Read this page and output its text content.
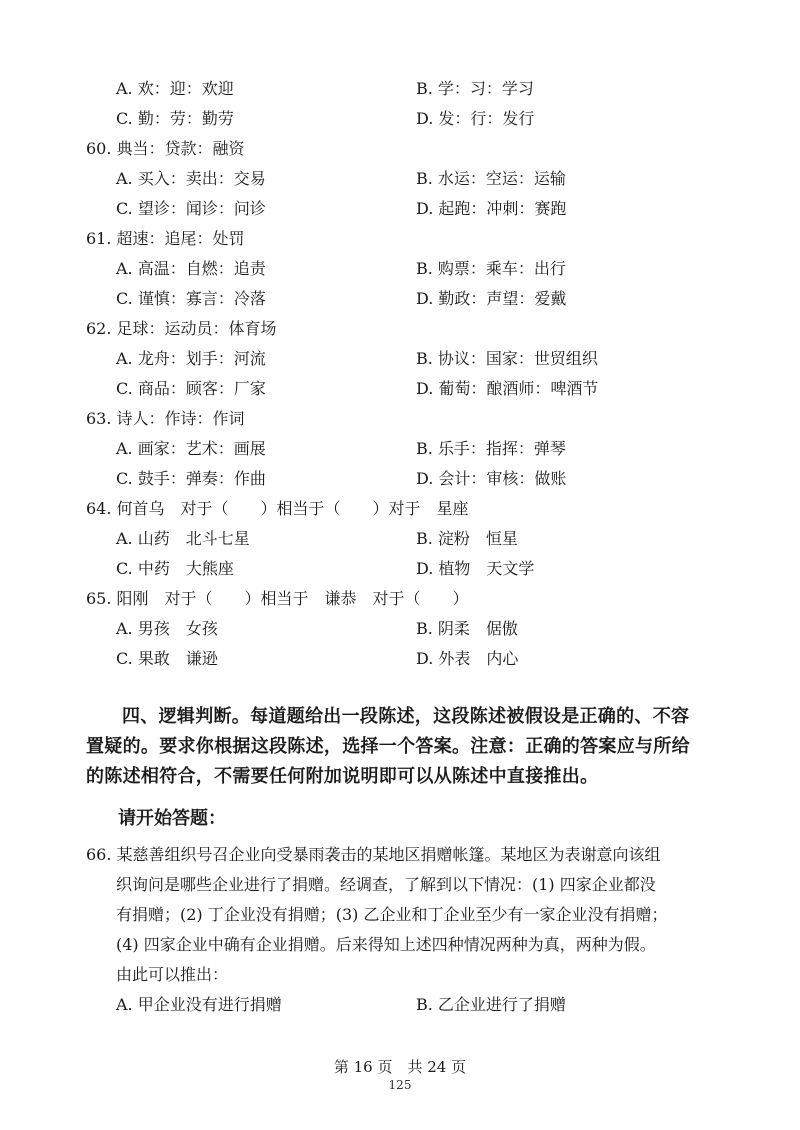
A. 欢：迎：欢迎	B. 学：习：学习
C. 勤：劳：勤劳	D. 发：行：发行
60. 典当：贷款：融资
A. 买入：卖出：交易	B. 水运：空运：运输
C. 望诊：闻诊：问诊	D. 起跑：冲刺：赛跑
61. 超速：追尾：处罚
A. 高温：自燃：追责	B. 购票：乘车：出行
C. 谨慎：寡言：冷落	D. 勤政：声望：爱戴
62. 足球：运动员：体育场
A. 龙舟：划手：河流	B. 协议：国家：世贸组织
C. 商品：顾客：厂家	D. 葡萄：酿酒师：啤酒节
63. 诗人：作诗：作词
A. 画家：艺术：画展	B. 乐手：指挥：弹琴
C. 鼓手：弹奏：作曲	D. 会计：审核：做账
64. 何首乌　对于（　　）相当于（　　）对于　星座
A. 山药　北斗七星	B. 淀粉　恒星
C. 中药　大熊座	D. 植物　天文学
65. 阳刚　对于（　　）相当于　谦恭　对于（　　）
A. 男孩　女孩	B. 阴柔　倨傲
C. 果敢　谦逊	D. 外表　内心
四、逻辑判断。每道题给出一段陈述，这段陈述被假设是正确的、不容
置疑的。要求你根据这段陈述，选择一个答案。注意：正确的答案应与所给
的陈述相符合，不需要任何附加说明即可以从陈述中直接推出。
请开始答题：
66. 某慈善组织号召企业向受暴雨袭击的某地区捐赠帐篷。某地区为表谢意向该组
织询问是哪些企业进行了捐赠。经调查，了解到以下情况：(1) 四家企业都没
有捐赠；(2) 丁企业没有捐赠；(3) 乙企业和丁企业至少有一家企业没有捐赠；
(4) 四家企业中确有企业捐赠。后来得知上述四种情况两种为真，两种为假。
由此可以推出：
A. 甲企业没有进行捐赠	B. 乙企业进行了捐赠
第 16 页　共 24 页
125
